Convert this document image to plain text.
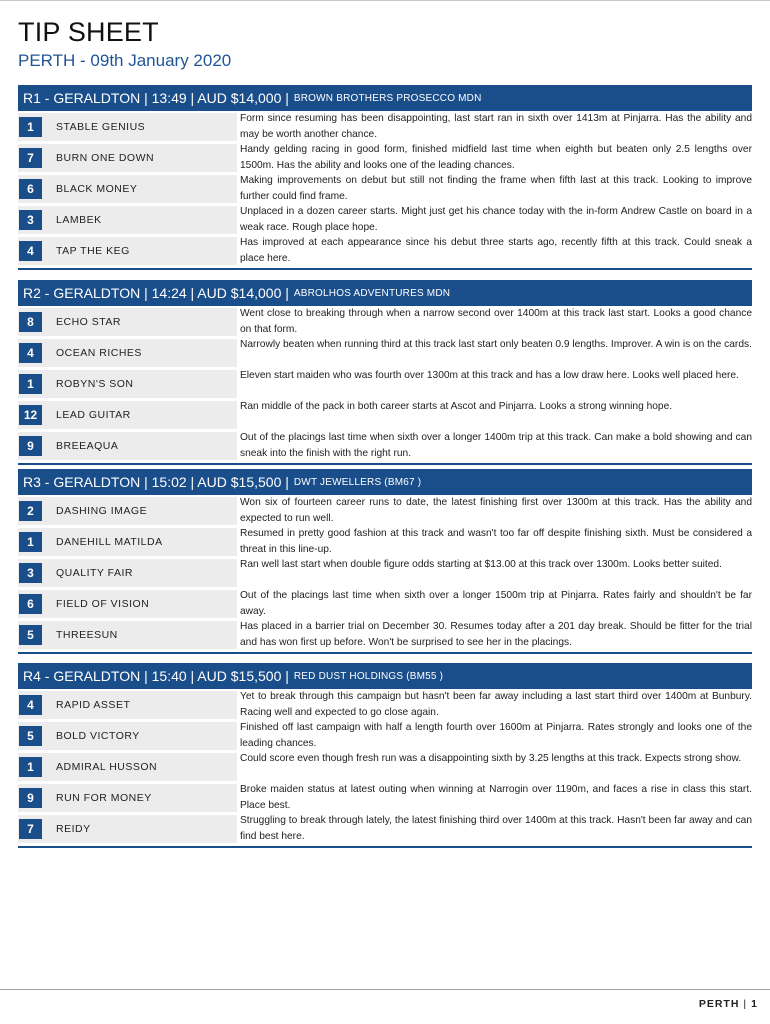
TIP SHEET
PERTH - 09th January 2020
R1 - GERALDTON | 13:49 | AUD $14,000 | BROWN BROTHERS PROSECCO MDN
1	STABLE GENIUS
Form since resuming has been disappointing, last start ran in sixth over 1413m at Pinjarra. Has the ability and may be worth another chance.
7	BURN ONE DOWN
Handy gelding racing in good form, finished midfield last time when eighth but beaten only 2.5 lengths over 1500m. Has the ability and looks one of the leading chances.
6	BLACK MONEY
Making improvements on debut but still not finding the frame when fifth last at this track. Looking to improve further could find frame.
3	LAMBEK
Unplaced in a dozen career starts. Might just get his chance today with the in-form Andrew Castle on board in a weak race. Rough place hope.
4	TAP THE KEG
Has improved at each appearance since his debut three starts ago, recently fifth at this track. Could sneak a place here.
R2 - GERALDTON | 14:24 | AUD $14,000 | ABROLHOS ADVENTURES MDN
8	ECHO STAR
Went close to breaking through when a narrow second over 1400m at this track last start. Looks a good chance on that form.
4	OCEAN RICHES
Narrowly beaten when running third at this track last start only beaten 0.9 lengths. Improver. A win is on the cards.
1	ROBYN'S SON
Eleven start maiden who was fourth over 1300m at this track and has a low draw here. Looks well placed here.
12	LEAD GUITAR
Ran middle of the pack in both career starts at Ascot and Pinjarra. Looks a strong winning hope.
9	BREEAQUA
Out of the placings last time when sixth over a longer 1400m trip at this track. Can make a bold showing and can sneak into the finish with the right run.
R3 - GERALDTON | 15:02 | AUD $15,500 | DWT JEWELLERS (BM67 )
2	DASHING IMAGE
Won six of fourteen career runs to date, the latest finishing first over 1300m at this track. Has the ability and expected to run well.
1	DANEHILL MATILDA
Resumed in pretty good fashion at this track and wasn't too far off despite finishing sixth. Must be considered a threat in this line-up.
3	QUALITY FAIR
Ran well last start when double figure odds starting at $13.00 at this track over 1300m. Looks better suited.
6	FIELD OF VISION
Out of the placings last time when sixth over a longer 1500m trip at Pinjarra. Rates fairly and shouldn't be far away.
5	THREESUN
Has placed in a barrier trial on December 30. Resumes today after a 201 day break. Should be fitter for the trial and has won first up before. Won't be surprised to see her in the placings.
R4 - GERALDTON | 15:40 | AUD $15,500 | RED DUST HOLDINGS (BM55 )
4	RAPID ASSET
Yet to break through this campaign but hasn't been far away including a last start third over 1400m at Bunbury. Racing well and expected to go close again.
5	BOLD VICTORY
Finished off last campaign with half a length fourth over 1600m at Pinjarra. Rates strongly and looks one of the leading chances.
1	ADMIRAL HUSSON
Could score even though fresh run was a disappointing sixth by 3.25 lengths at this track. Expects strong show.
9	RUN FOR MONEY
Broke maiden status at latest outing when winning at Narrogin over 1190m, and faces a rise in class this start. Place best.
7	REIDY
Struggling to break through lately, the latest finishing third over 1400m at this track. Hasn't been far away and can find best here.
PERTH | 1
